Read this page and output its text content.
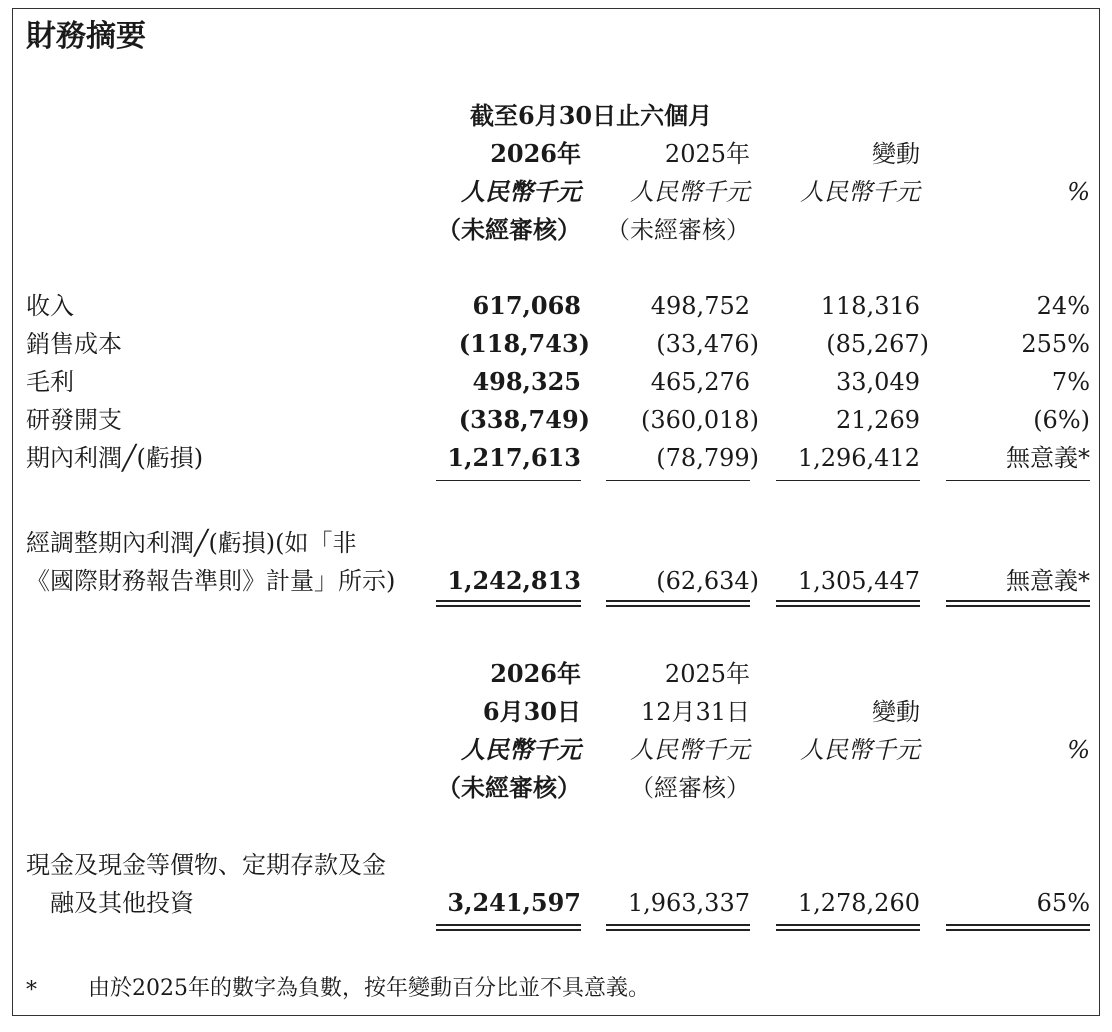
財務摘要
截至6月30日止六個月
2026年	2025年	變動
人民幣千元 人民幣千元 人民幣千元	%
（未經審核） （未經審核）
收入	617,068	498,752	118,316	24%
銷售成本	(118,743)	(33,476)	(85,267)	255%
毛利	498,325	465,276	33,049	7%
研發開支	(338,749) (360,018)	21,269	(6%)
期內利潤╱(虧損)	1,217,613	(78,799) 1,296,412	無意義*
經調整期內利潤╱(虧損)(如「非
《國際財務報告準則》計量」所示) 1,242,813	(62,634) 1,305,447	無意義*
2026年	2025年
6月30日 12月31日	變動
人民幣千元 人民幣千元 人民幣千元	%
（未經審核） （經審核）
現金及現金等價物、定期存款及金
融及其他投資	3,241,597 1,963,337 1,278,260	65%
* 由於2025年的數字為負數，按年變動百分比並不具意義。
